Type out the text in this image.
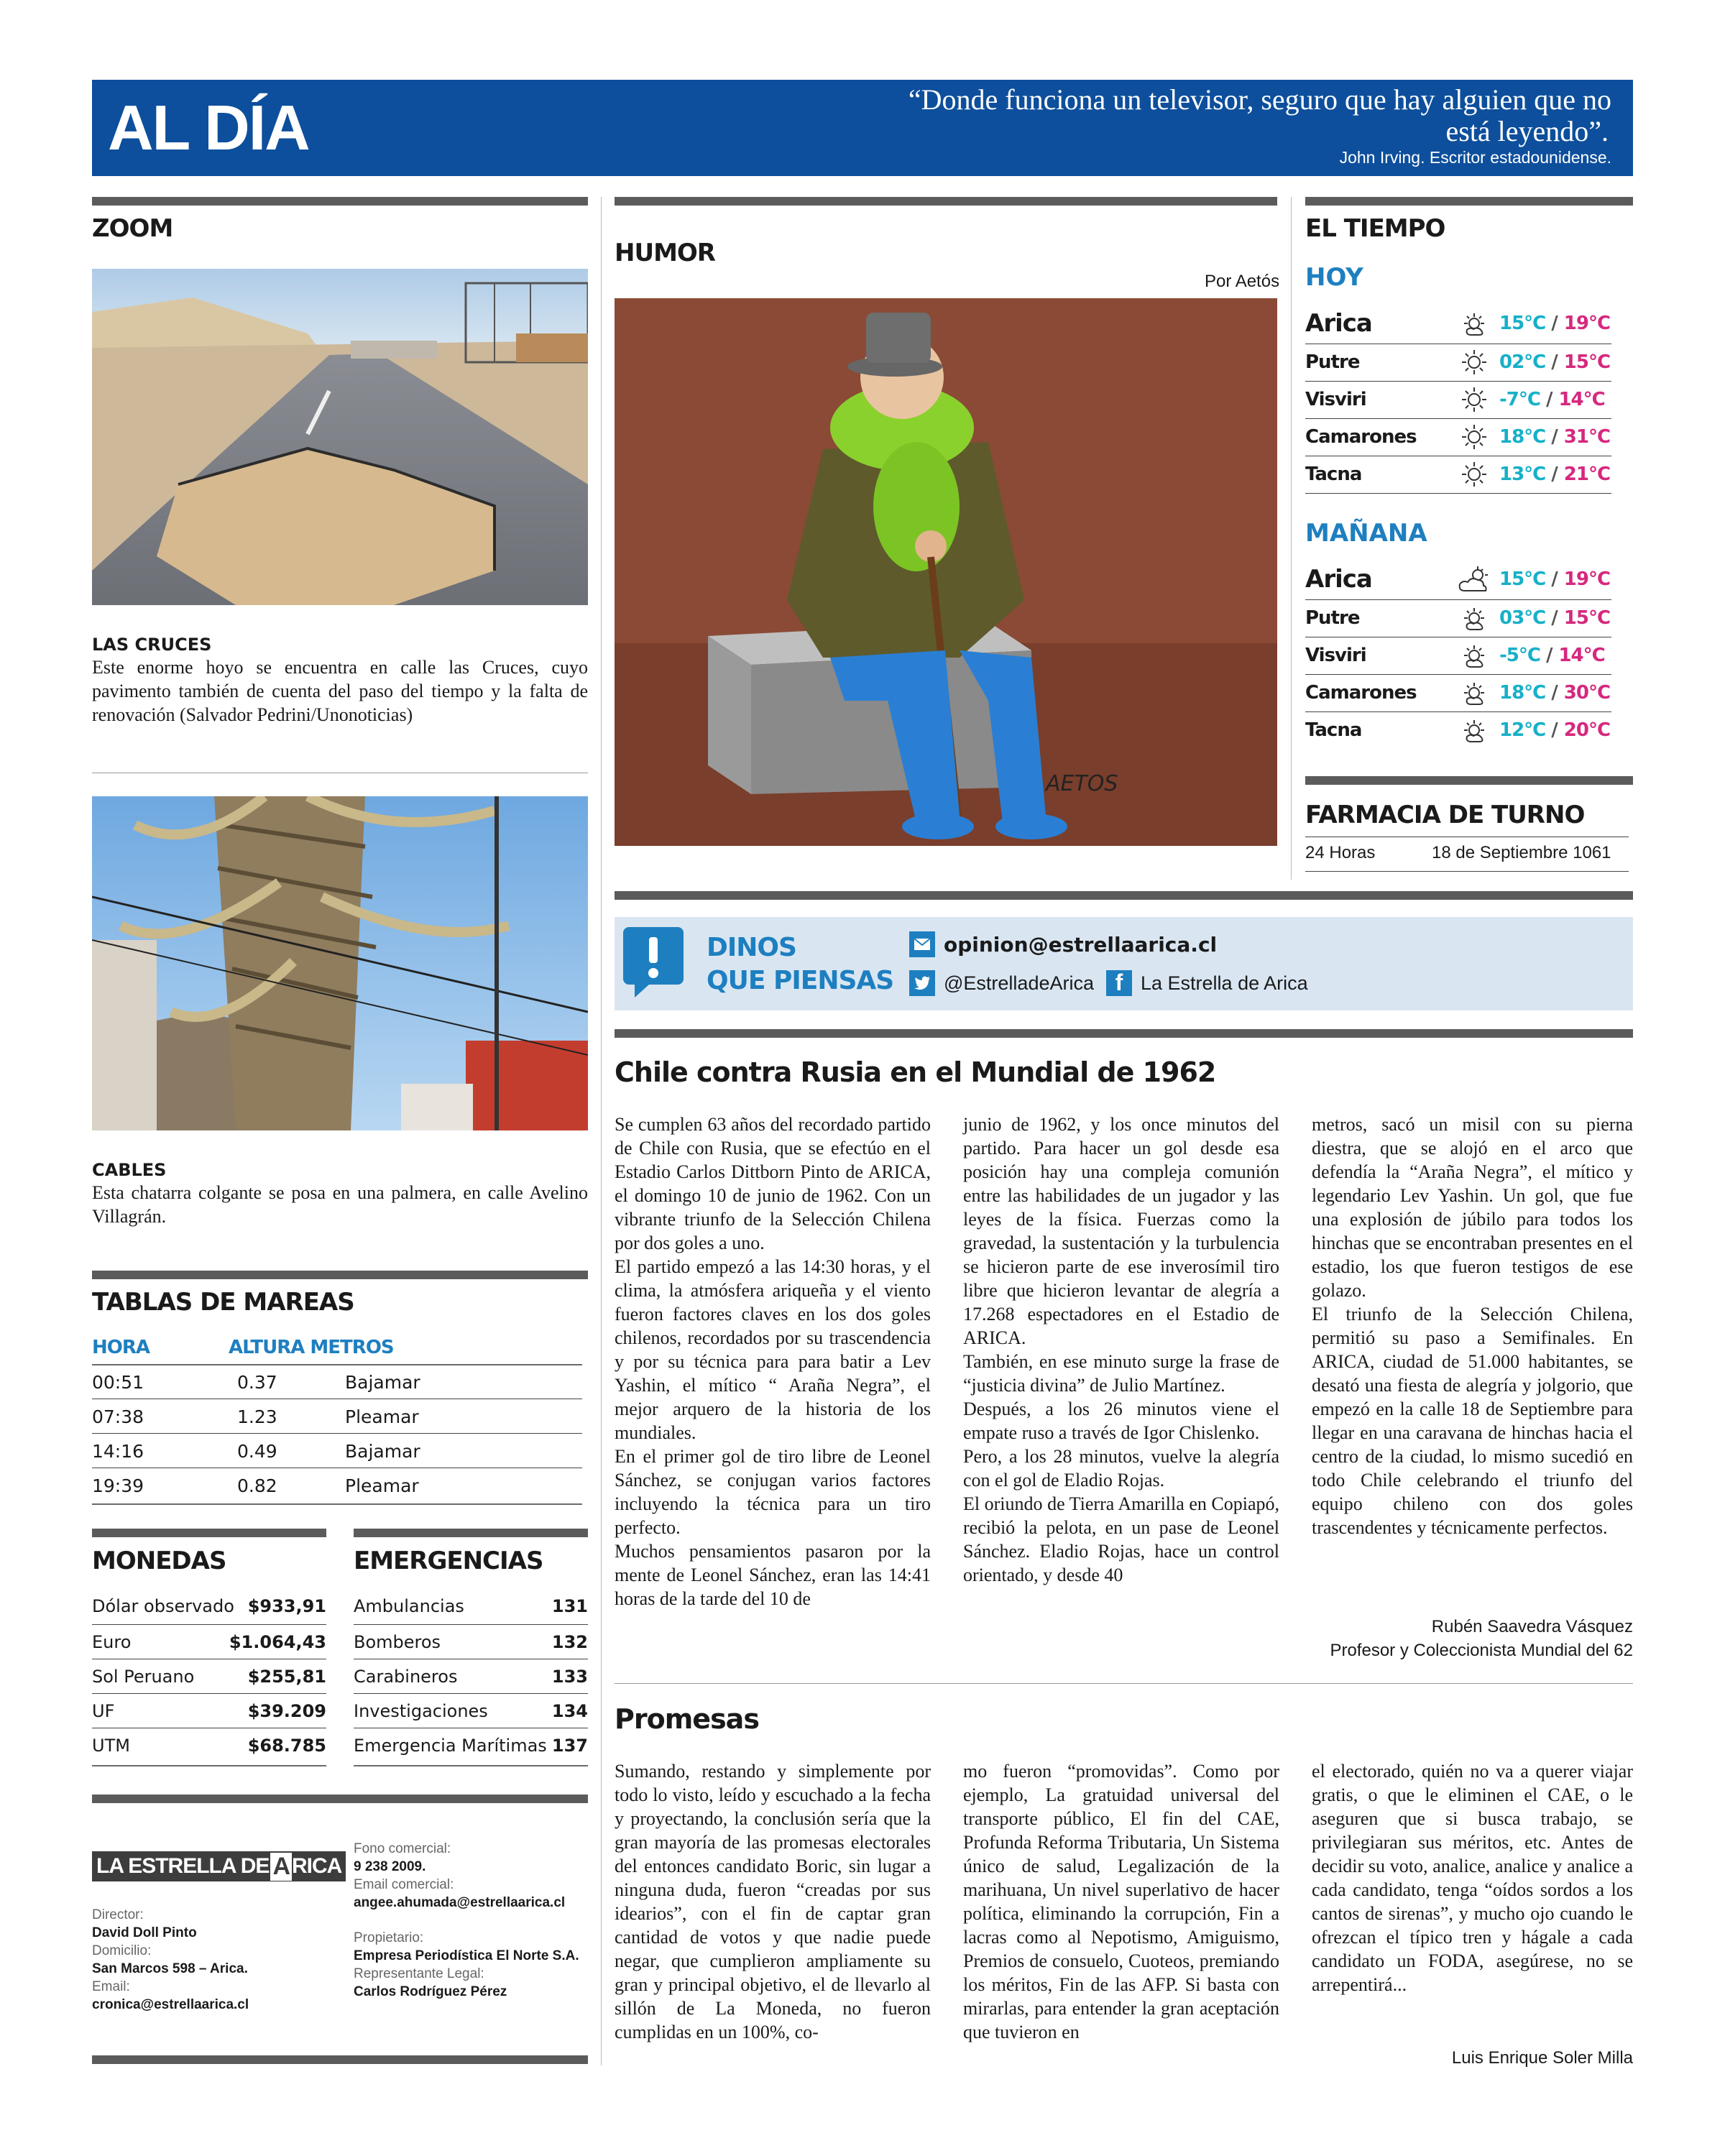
AL DÍA	“Donde funciona un televisor, seguro que hay alguien que no
está leyendo”.
John Irving. Escritor estadounidense.
ZOOM
LAS CRUCES
Este enorme hoyo se encuentra en calle las Cruces, cuyo pavimento también de cuenta del paso del tiempo y la falta de renovación (Salvador Pedrini/Unonoticias)
CABLES
Esta chatarra colgante se posa en una palmera, en calle Avelino Villagrán.
TABLAS DE MAREAS
HORA	ALTURA METROS
00:51	0.37	Bajamar
07:38	1.23	Pleamar
14:16	0.49	Bajamar
19:39	0.82	Pleamar
MONEDAS
Dólar observado $933,91
Euro	$1.064,43
Sol Peruano	$255,81
UF	$39.209
UTM	$68.785
EMERGENCIAS
Ambulancias	131
Bomberos	132
Carabineros	133
Investigaciones	134
Emergencia Marítimas 137
LA ESTRELLA DE A RICA
Director:
David Doll Pinto
Domicilio:
San Marcos 598 – Arica.
Email:
cronica@estrellaarica.cl
Fono comercial:
9 238 2009.
Email comercial:
angee.ahumada@estrellaarica.cl
Propietario:
Empresa Periodística El Norte S.A.
Representante Legal:
Carlos Rodríguez Pérez
HUMOR
Por Aetós
AETOS
EL TIEMPO
HOY
Arica	15°C / 19°C
Putre	02°C / 15°C
Visviri	-7°C / 14°C
Camarones	18°C / 31°C
Tacna	13°C / 21°C
MAÑANA
Arica	15°C / 19°C
Putre	03°C / 15°C
Visviri	-5°C / 14°C
Camarones	18°C / 30°C
Tacna	12°C / 20°C
FARMACIA DE TURNO
24 Horas	18 de Septiembre 1061
DINOS
QUE PIENSAS
opinion@estrellaarica.cl
@EstrelladeArica f La Estrella de Arica
Chile contra Rusia en el Mundial de 1962
Se cumplen 63 años del recordado partido de Chile con Rusia, que se efectúo en el Estadio Carlos Dittborn Pinto de ARICA, el domingo 10 de junio de 1962. Con un vibrante triunfo de la Selección Chilena por dos goles a uno.
El partido empezó a las 14:30 horas, y el clima, la atmósfera ariqueña y el viento fueron factores claves en los dos goles chilenos, recordados por su trascendencia y por su técnica para para batir a Lev Yashin, el mítico “ Araña Negra”, el mejor arquero de la historia de los mundiales.
En el primer gol de tiro libre de Leonel Sánchez, se conjugan varios factores incluyendo la técnica para un tiro perfecto.
Muchos pensamientos pasaron por la mente de Leonel Sánchez, eran las 14:41 horas de la tarde del 10 de
junio de 1962, y los once minutos del partido. Para hacer un gol desde esa posición hay una compleja comunión entre las habilidades de un jugador y las leyes de la física. Fuerzas como la gravedad, la sustentación y la turbulencia se hicieron parte de ese inverosímil tiro libre que hicieron levantar de alegría a 17.268 espectadores en el Estadio de ARICA.
También, en ese minuto surge la frase de “justicia divina” de Julio Martínez.
Después, a los 26 minutos viene el empate ruso a través de Igor Chislenko.
Pero, a los 28 minutos, vuelve la alegría con el gol de Eladio Rojas.
El oriundo de Tierra Amarilla en Copiapó, recibió la pelota, en un pase de Leonel Sánchez. Eladio Rojas, hace un control orientado, y desde 40
metros, sacó un misil con su pierna diestra, que se alojó en el arco que defendía la “Araña Negra”, el mítico y legendario Lev Yashin. Un gol, que fue una explosión de júbilo para todos los hinchas que se encontraban presentes en el estadio, los que fueron testigos de ese golazo.
El triunfo de la Selección Chilena, permitió su paso a Semifinales. En ARICA, ciudad de 51.000 habitantes, se desató una fiesta de alegría y jolgorio, que empezó en la calle 18 de Septiembre para llegar en una caravana de hinchas hacia el centro de la ciudad, lo mismo sucedió en todo Chile celebrando el triunfo del equipo chileno con dos goles trascendentes y técnicamente perfectos.
Rubén Saavedra Vásquez
Profesor y Coleccionista Mundial del 62
Promesas
Sumando, restando y simplemente por todo lo visto, leído y escuchado a la fecha y proyectando, la conclusión sería que la gran mayoría de las promesas electorales del entonces candidato Boric, sin lugar a ninguna duda, fueron “creadas por sus idearios”, con el fin de captar gran cantidad de votos y que nadie puede negar, que cumplieron ampliamente su gran y principal objetivo, el de llevarlo al sillón de La Moneda, no fueron cumplidas en un 100%, co-
mo fueron “promovidas”. Como por ejemplo, La gratuidad universal del transporte público, El fin del CAE, Profunda Reforma Tributaria, Un Sistema único de salud, Legalización de la marihuana, Un nivel superlativo de hacer política, eliminando la corrupción, Fin a lacras como al Nepotismo, Amiguismo, Premios de consuelo, Cuoteos, premiando los méritos, Fin de las AFP. Si basta con mirarlas, para entender la gran aceptación que tuvieron en
el electorado, quién no va a querer viajar gratis, o que le eliminen el CAE, o le aseguren que si busca trabajo, se privilegiaran sus méritos, etc. Antes de decidir su voto, analice, analice y analice a cada candidato, tenga “oídos sordos a los cantos de sirenas”, y mucho ojo cuando le ofrezcan el típico tren y hágale a cada candidato un FODA, asegúrese, no se arrepentirá...
Luis Enrique Soler Milla
